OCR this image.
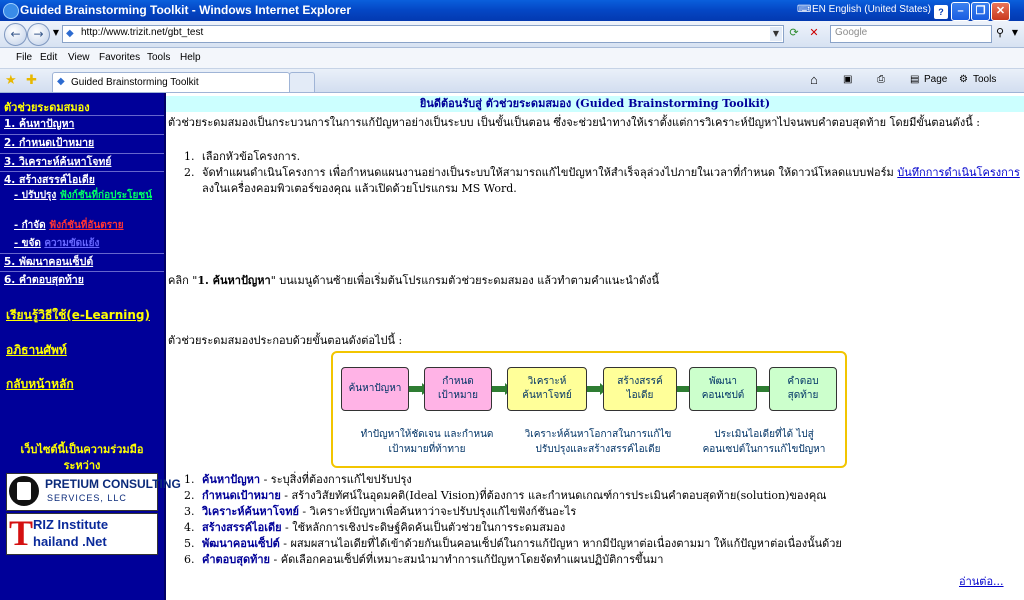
Guided Brainstorming Toolkit - Windows Internet Explorer	⌨ EN English (United States) ?	–	❐ ✕
←	→	▼ ◆ http://www.trizit.net/gbt_test	▼ ⟳ ✕	Google	⚲ ▼
File Edit View Favorites Tools Help
★ ✚ ◆ Guided Brainstorming Toolkit	⌂	▣ ⎙	▤ Page ⚙ Tools
ตัวช่วยระดมสมอง
1. ค้นหาปัญหา
2. กำหนดเป้าหมาย
3. วิเคราะห์ค้นหาโจทย์
4. สร้างสรรค์ไอเดีย
- ปรับปรุง ฟังก์ชันที่ก่อประโยชน์
- กำจัด ฟังก์ชันที่อันตราย
- ขจัด ความขัดแย้ง
5. พัฒนาคอนเซ็ปต์
6. คำตอบสุดท้าย
เรียนรู้วิธีใช้(e-Learning)
อภิธานศัพท์
กลับหน้าหลัก
เว็บไซต์นี้เป็นความร่วมมือ
ระหว่าง
PRETIUM CONSULTING
SERVICES, LLC
T RIZ Institute
hailand .Net
ยินดีต้อนรับสู่ ตัวช่วยระดมสมอง (Guided Brainstorming Toolkit)
ตัวช่วยระดมสมองเป็นกระบวนการในการแก้ปัญหาอย่างเป็นระบบ เป็นขั้นเป็นตอน ซึ่งจะช่วยนำทางให้เราตั้งแต่การวิเคราะห์ปัญหาไปจนพบคำตอบสุดท้าย โดยมีขั้นตอนดังนี้ :
1. เลือกหัวข้อโครงการ.
2. จัดทำแผนดำเนินโครงการ เพื่อกำหนดแผนงานอย่างเป็นระบบให้สามารถแก้ไขปัญหาให้สำเร็จลุล่วงไปภายในเวลาที่กำหนด ให้ดาวน์โหลดแบบฟอร์ม บันทึกการดำเนินโครงการ ลงในเครื่องคอมพิวเตอร์ของคุณ แล้วเปิดด้วยโปรแกรม MS Word.
คลิก "1. ค้นหาปัญหา" บนเมนูด้านซ้ายเพื่อเริ่มต้นโปรแกรมตัวช่วยระดมสมอง แล้วทำตามคำแนะนำดังนี้
ตัวช่วยระดมสมองประกอบด้วยขั้นตอนดังต่อไปนี้ :
ค้นหาปัญหา
กำหนด
เป้าหมาย
วิเคราะห์
ค้นหาโจทย์
สร้างสรรค์
ไอเดีย
พัฒนา
คอนเซปต์
คำตอบ
สุดท้าย
ทำปัญหาให้ชัดเจน และกำหนด
เป้าหมายที่ท้าทาย
วิเคราะห์ค้นหาโอกาสในการแก้ไข
ปรับปรุงและสร้างสรรค์ไอเดีย
ประเมินไอเดียที่ได้ ไปสู่
คอนเซปต์ในการแก้ไขปัญหา
1. ค้นหาปัญหา - ระบุสิ่งที่ต้องการแก้ไขปรับปรุง
2. กำหนดเป้าหมาย - สร้างวิสัยทัศน์ในอุดมคติ(Ideal Vision)ที่ต้องการ และกำหนดเกณฑ์การประเมินคำตอบสุดท้าย(solution)ของคุณ
3. วิเคราะห์ค้นหาโจทย์ - วิเคราะห์ปัญหาเพื่อค้นหาว่าจะปรับปรุงแก้ไขฟังก์ชันอะไร
4. สร้างสรรค์ไอเดีย - ใช้หลักการเชิงประดิษฐ์คิดค้นเป็นตัวช่วยในการระดมสมอง
5. พัฒนาคอนเซ็ปต์ - ผสมผสานไอเดียที่ได้เข้าด้วยกันเป็นคอนเซ็ปต์ในการแก้ปัญหา หากมีปัญหาต่อเนื่องตามมา ให้แก้ปัญหาต่อเนื่องนั้นด้วย
6. คำตอบสุดท้าย - คัดเลือกคอนเซ็ปต์ที่เหมาะสมนำมาทำการแก้ปัญหาโดยจัดทำแผนปฏิบัติการขึ้นมา
อ่านต่อ...
